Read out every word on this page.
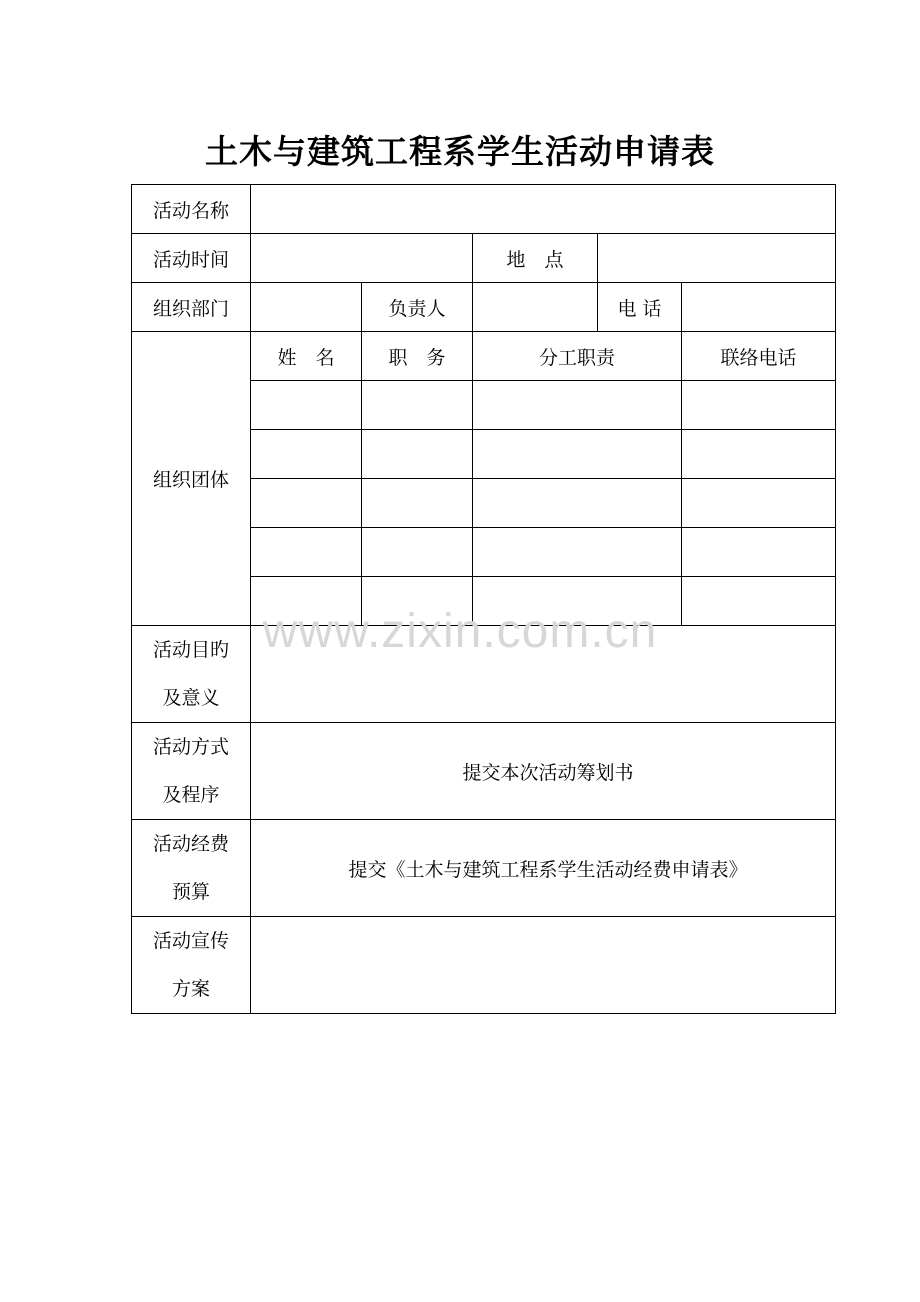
土木与建筑工程系学生活动申请表
活动名称					
活动时间			地　点		
组织部门		负责人		电 话	
组织团体	姓　名	职　务	分工职责		联络电话

活动目旳
及意义					

活动方式
及程序	提交本次活动筹划书				

活动经费
预算	提交《土木与建筑工程系学生活动经费申请表》				

活动宣传
方案					

www.zixin.com.cn
